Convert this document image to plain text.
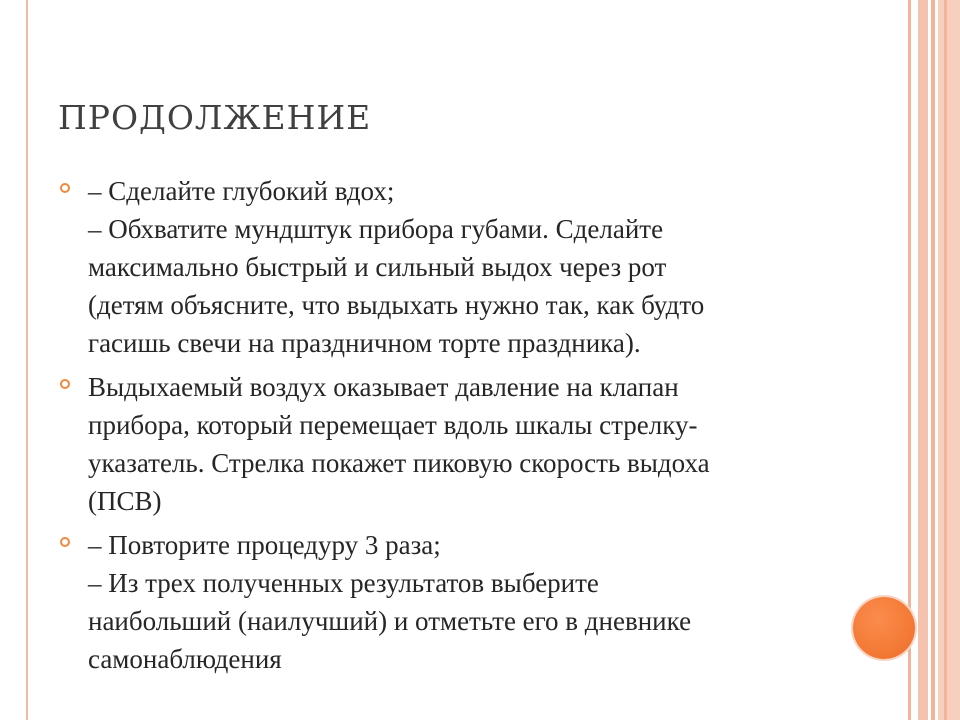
ПРОДОЛЖЕНИЕ
– Сделайте глубокий вдох;
– Обхватите мундштук прибора губами. Сделайте
максимально быстрый и сильный выдох через рот
(детям объясните, что выдыхать нужно так, как будто
гасишь свечи на праздничном торте праздника).
Выдыхаемый воздух оказывает давление на клапан
прибора, который перемещает вдоль шкалы стрелку-
указатель. Стрелка покажет пиковую скорость выдоха
(ПСВ)
– Повторите процедуру 3 раза;
– Из трех полученных результатов выберите
наибольший (наилучший) и отметьте его в дневнике
самонаблюдения
